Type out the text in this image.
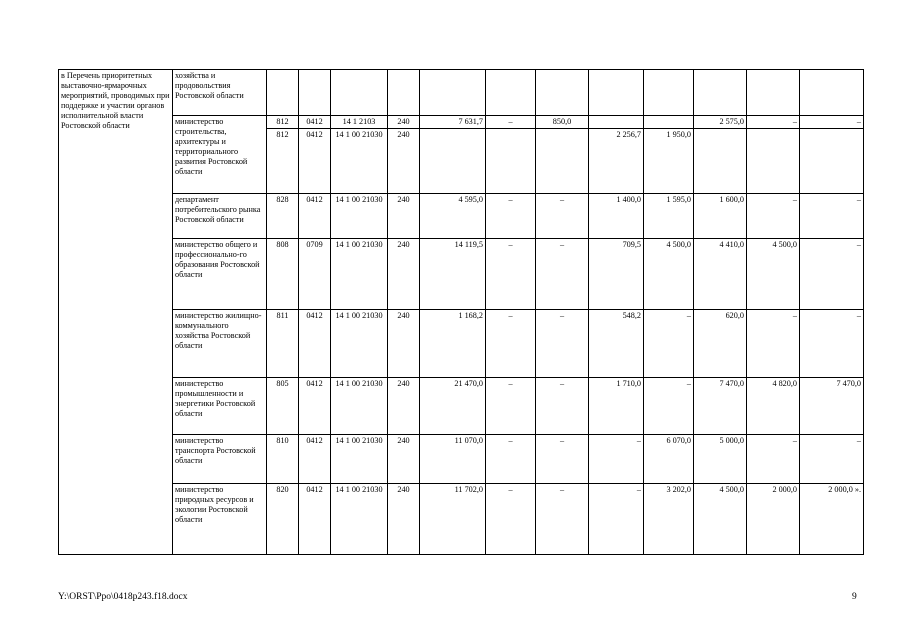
в Перечень приоритетных выставочно-ярмарочных мероприятий, проводимых при поддержке и участии органов исполнительной власти Ростовской области	хозяйства и продовольствия Ростовской области												
	министерство строительства, архитектуры и территориального развития Ростовской области	812	0412	14 1 2103	240	7 631,7	–	850,0			2 575,0	–	–
		812	0412	14 1 00 21030	240				2 256,7	1 950,0			
	департамент потребительского рынка Ростовской области	828	0412	14 1 00 21030	240	4 595,0	–	–	1 400,0	1 595,0	1 600,0	–	–
	министерство общего и профессионально-го образования Ростовской области	808	0709	14 1 00 21030	240	14 119,5	–	–	709,5	4 500,0	4 410,0	4 500,0	–
	министерство жилищно-коммунального хозяйства Ростовской области	811	0412	14 1 00 21030	240	1 168,2	–	–	548,2	–	620,0	–	–
	министерство промышленности и энергетики Ростовской области	805	0412	14 1 00 21030	240	21 470,0	–	–	1 710,0	–	7 470,0	4 820,0	7 470,0
	министерство транспорта Ростовской области	810	0412	14 1 00 21030	240	11 070,0	–	–	–	6 070,0	5 000,0	–	–
	министерство природных ресурсов и экологии Ростовской области	820	0412	14 1 00 21030	240	11 702,0	–	–	–	3 202,0	4 500,0	2 000,0	2 000,0 ».
Y:\ORST\Ppo\0418p243.f18.docx	9
